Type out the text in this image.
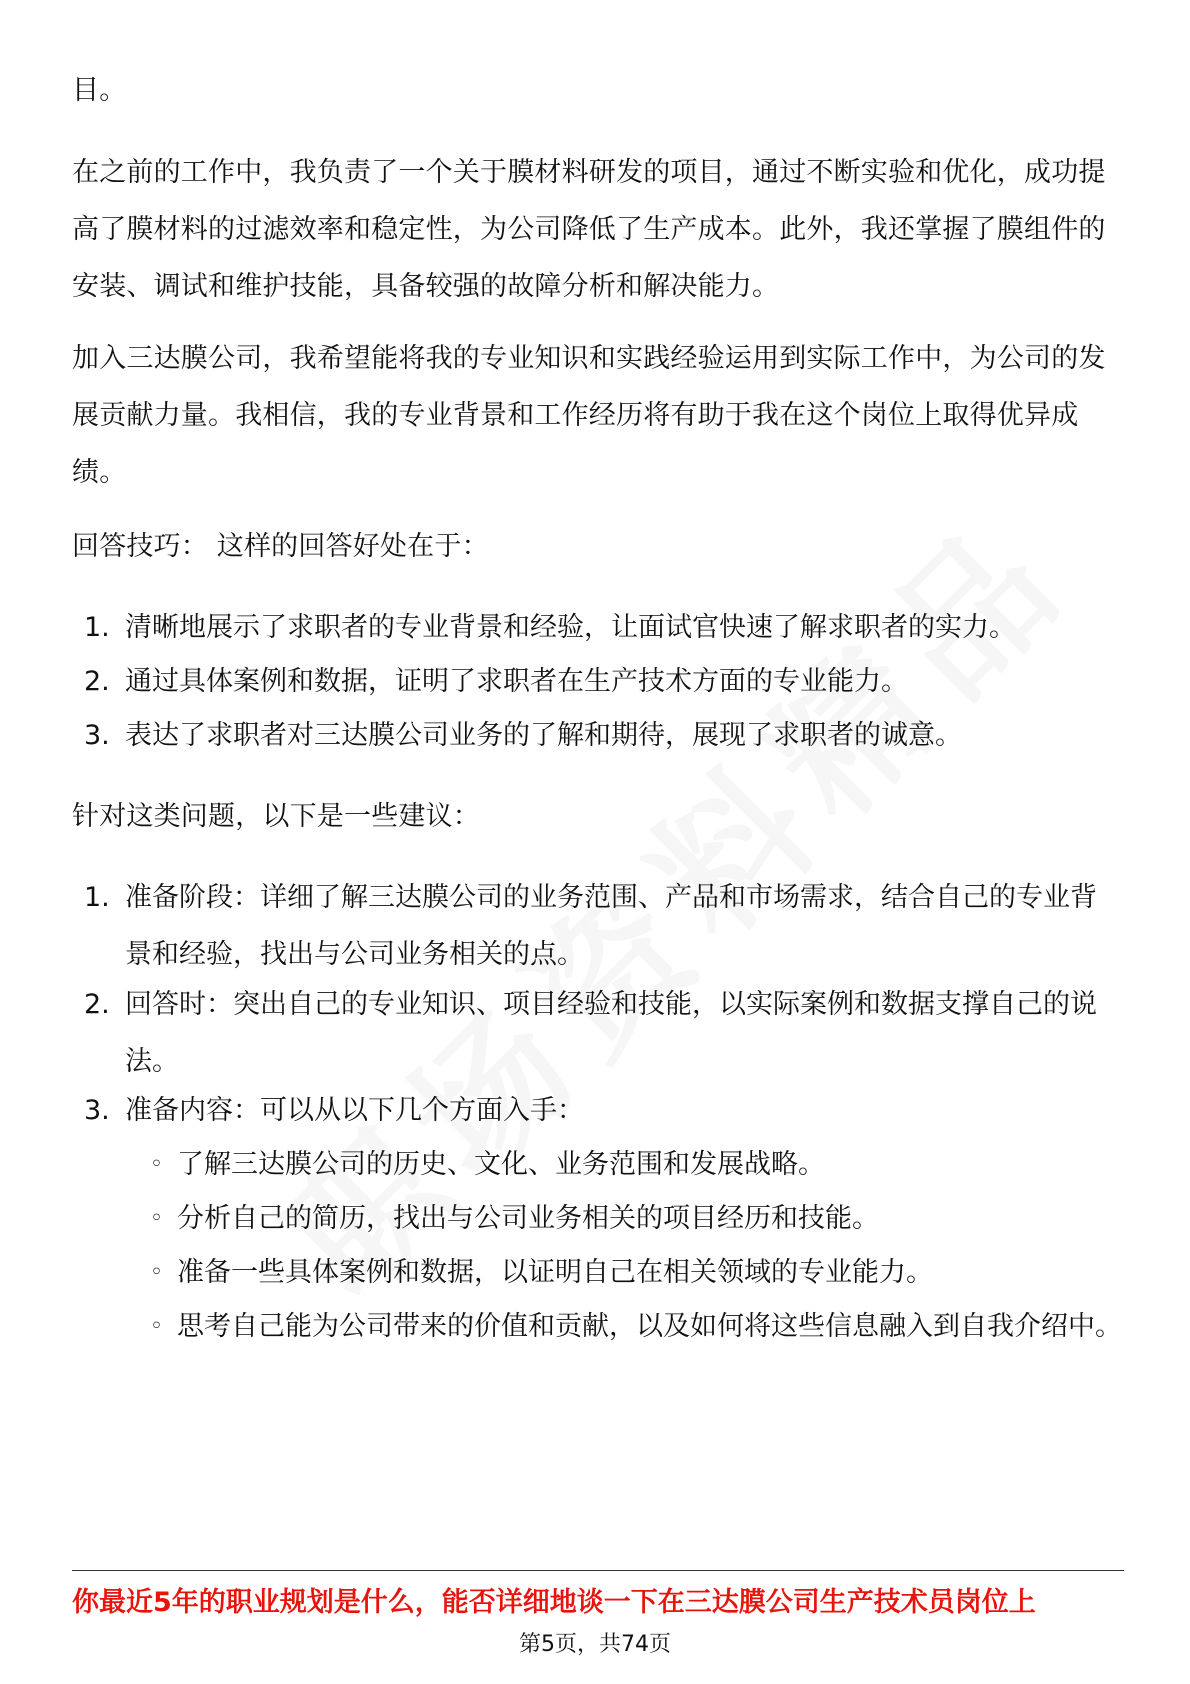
目。

在之前的工作中，我负责了一个关于膜材料研发的项目，通过不断实验和优化，成功提高了膜材料的过滤效率和稳定性，为公司降低了生产成本。此外，我还掌握了膜组件的安装、调试和维护技能，具备较强的故障分析和解决能力。

加入三达膜公司，我希望能将我的专业知识和实践经验运用到实际工作中，为公司的发展贡献力量。我相信，我的专业背景和工作经历将有助于我在这个岗位上取得优异成绩。

回答技巧： 这样的回答好处在于：

1. 清晰地展示了求职者的专业背景和经验，让面试官快速了解求职者的实力。
2. 通过具体案例和数据，证明了求职者在生产技术方面的专业能力。
3. 表达了求职者对三达膜公司业务的了解和期待，展现了求职者的诚意。

针对这类问题，以下是一些建议：

1. 准备阶段：详细了解三达膜公司的业务范围、产品和市场需求，结合自己的专业背景和经验，找出与公司业务相关的点。
2. 回答时：突出自己的专业知识、项目经验和技能，以实际案例和数据支撑自己的说法。
3. 准备内容：可以从以下几个方面入手：
◦ 了解三达膜公司的历史、文化、业务范围和发展战略。
◦ 分析自己的简历，找出与公司业务相关的项目经历和技能。
◦ 准备一些具体案例和数据，以证明自己在相关领域的专业能力。
◦ 思考自己能为公司带来的价值和贡献，以及如何将这些信息融入到自我介绍中。
你最近5年的职业规划是什么，能否详细地谈一下在三达膜公司生产技术员岗位上
第5页，共74页
